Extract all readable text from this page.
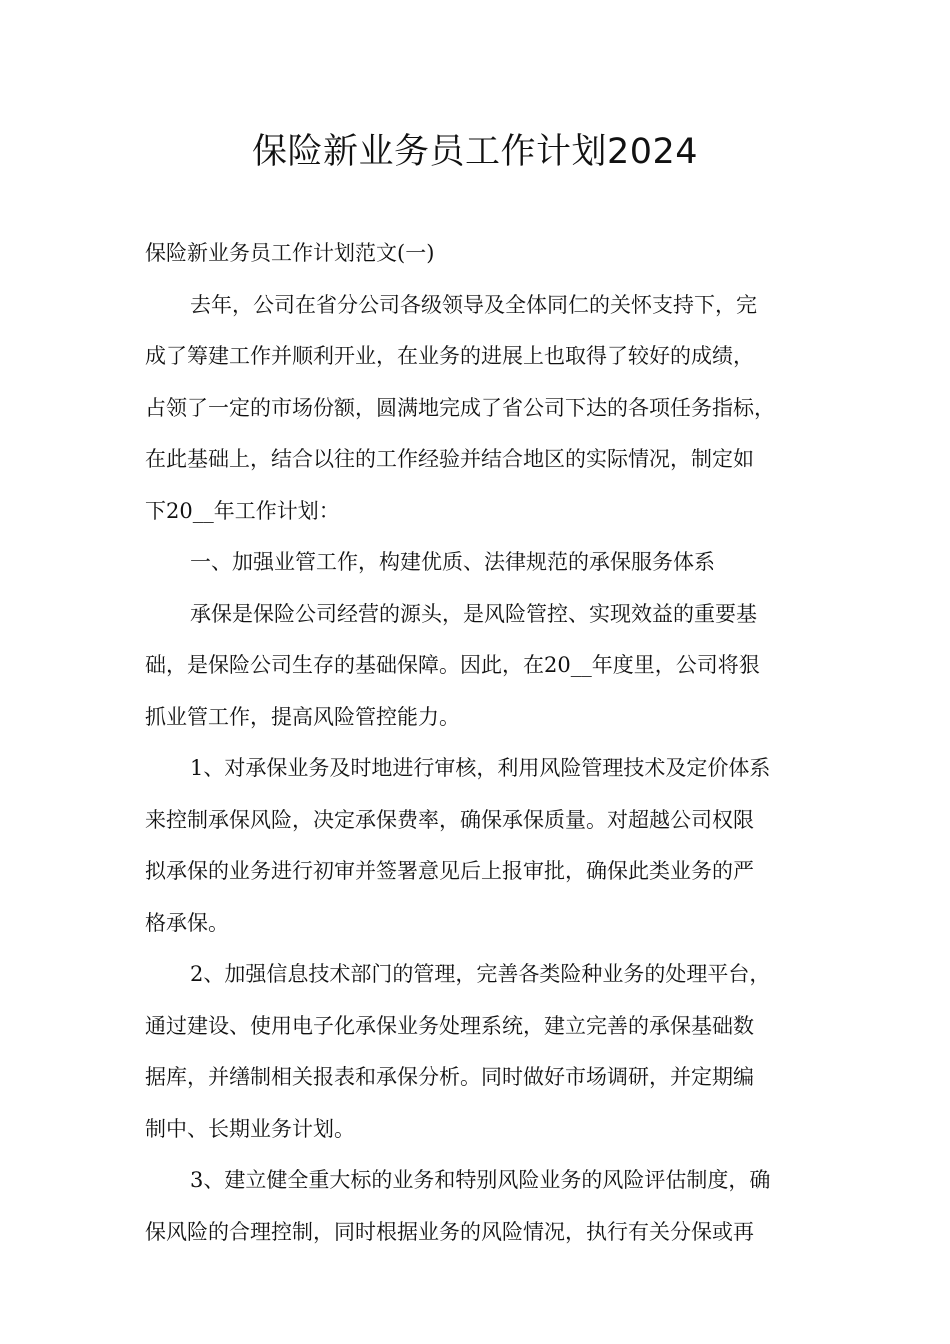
保险新业务员工作计划2024
保险新业务员工作计划范文(一)
去年，公司在省分公司各级领导及全体同仁的关怀支持下，完
成了筹建工作并顺利开业，在业务的进展上也取得了较好的成绩，
占领了一定的市场份额，圆满地完成了省公司下达的各项任务指标，
在此基础上，结合以往的工作经验并结合地区的实际情况，制定如
下20__年工作计划：
一、加强业管工作，构建优质、法律规范的承保服务体系
承保是保险公司经营的源头，是风险管控、实现效益的重要基
础，是保险公司生存的基础保障。因此，在20__年度里，公司将狠
抓业管工作，提高风险管控能力。
1、对承保业务及时地进行审核，利用风险管理技术及定价体系
来控制承保风险，决定承保费率，确保承保质量。对超越公司权限
拟承保的业务进行初审并签署意见后上报审批，确保此类业务的严
格承保。
2、加强信息技术部门的管理，完善各类险种业务的处理平台，
通过建设、使用电子化承保业务处理系统，建立完善的承保基础数
据库，并缮制相关报表和承保分析。同时做好市场调研，并定期编
制中、长期业务计划。
3、建立健全重大标的业务和特别风险业务的风险评估制度，确
保风险的合理控制，同时根据业务的风险情况，执行有关分保或再
